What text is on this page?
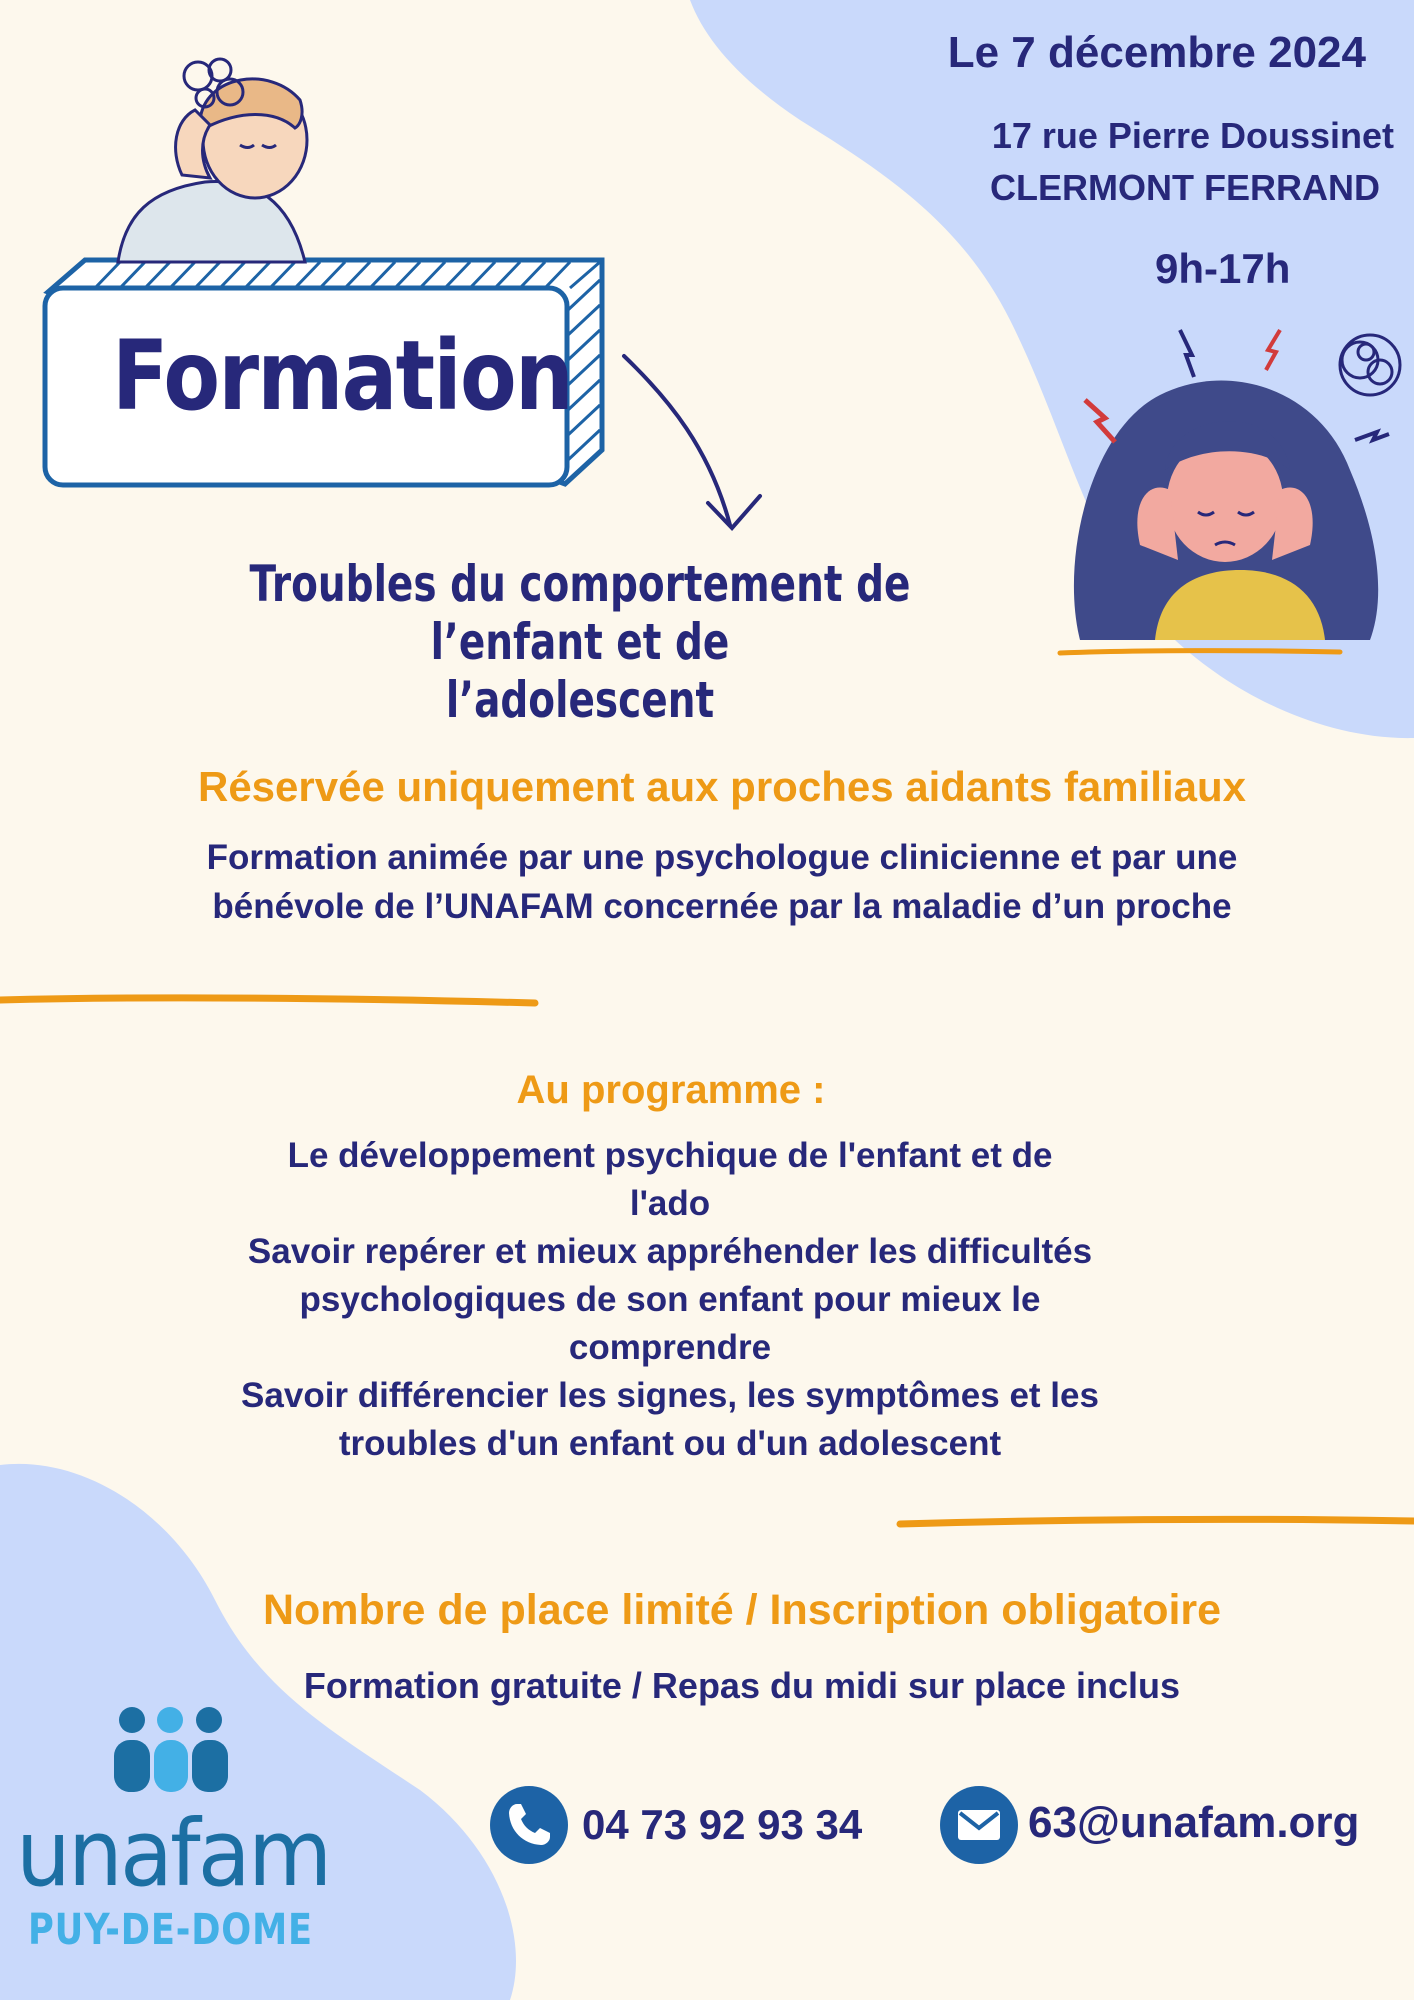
Le 7 décembre 2024
17 rue Pierre Doussinet
CLERMONT FERRAND
9h-17h
Formation
Troubles du comportement de l’enfant et de
l’adolescent
Réservée uniquement aux proches aidants familiaux
Formation animée par une psychologue clinicienne et par une
bénévole de l’UNAFAM concernée par la maladie d’un proche
Au programme :
Le développement psychique de l'enfant et de
l'ado
Savoir repérer et mieux appréhender les difficultés
psychologiques de son enfant pour mieux le
comprendre
Savoir différencier les signes, les symptômes et les
troubles d'un enfant ou d'un adolescent
Nombre de place limité / Inscription obligatoire
Formation gratuite / Repas du midi sur place inclus
04 73 92 93 34	63@unafam.org
unafam
PUY-DE-DOME
